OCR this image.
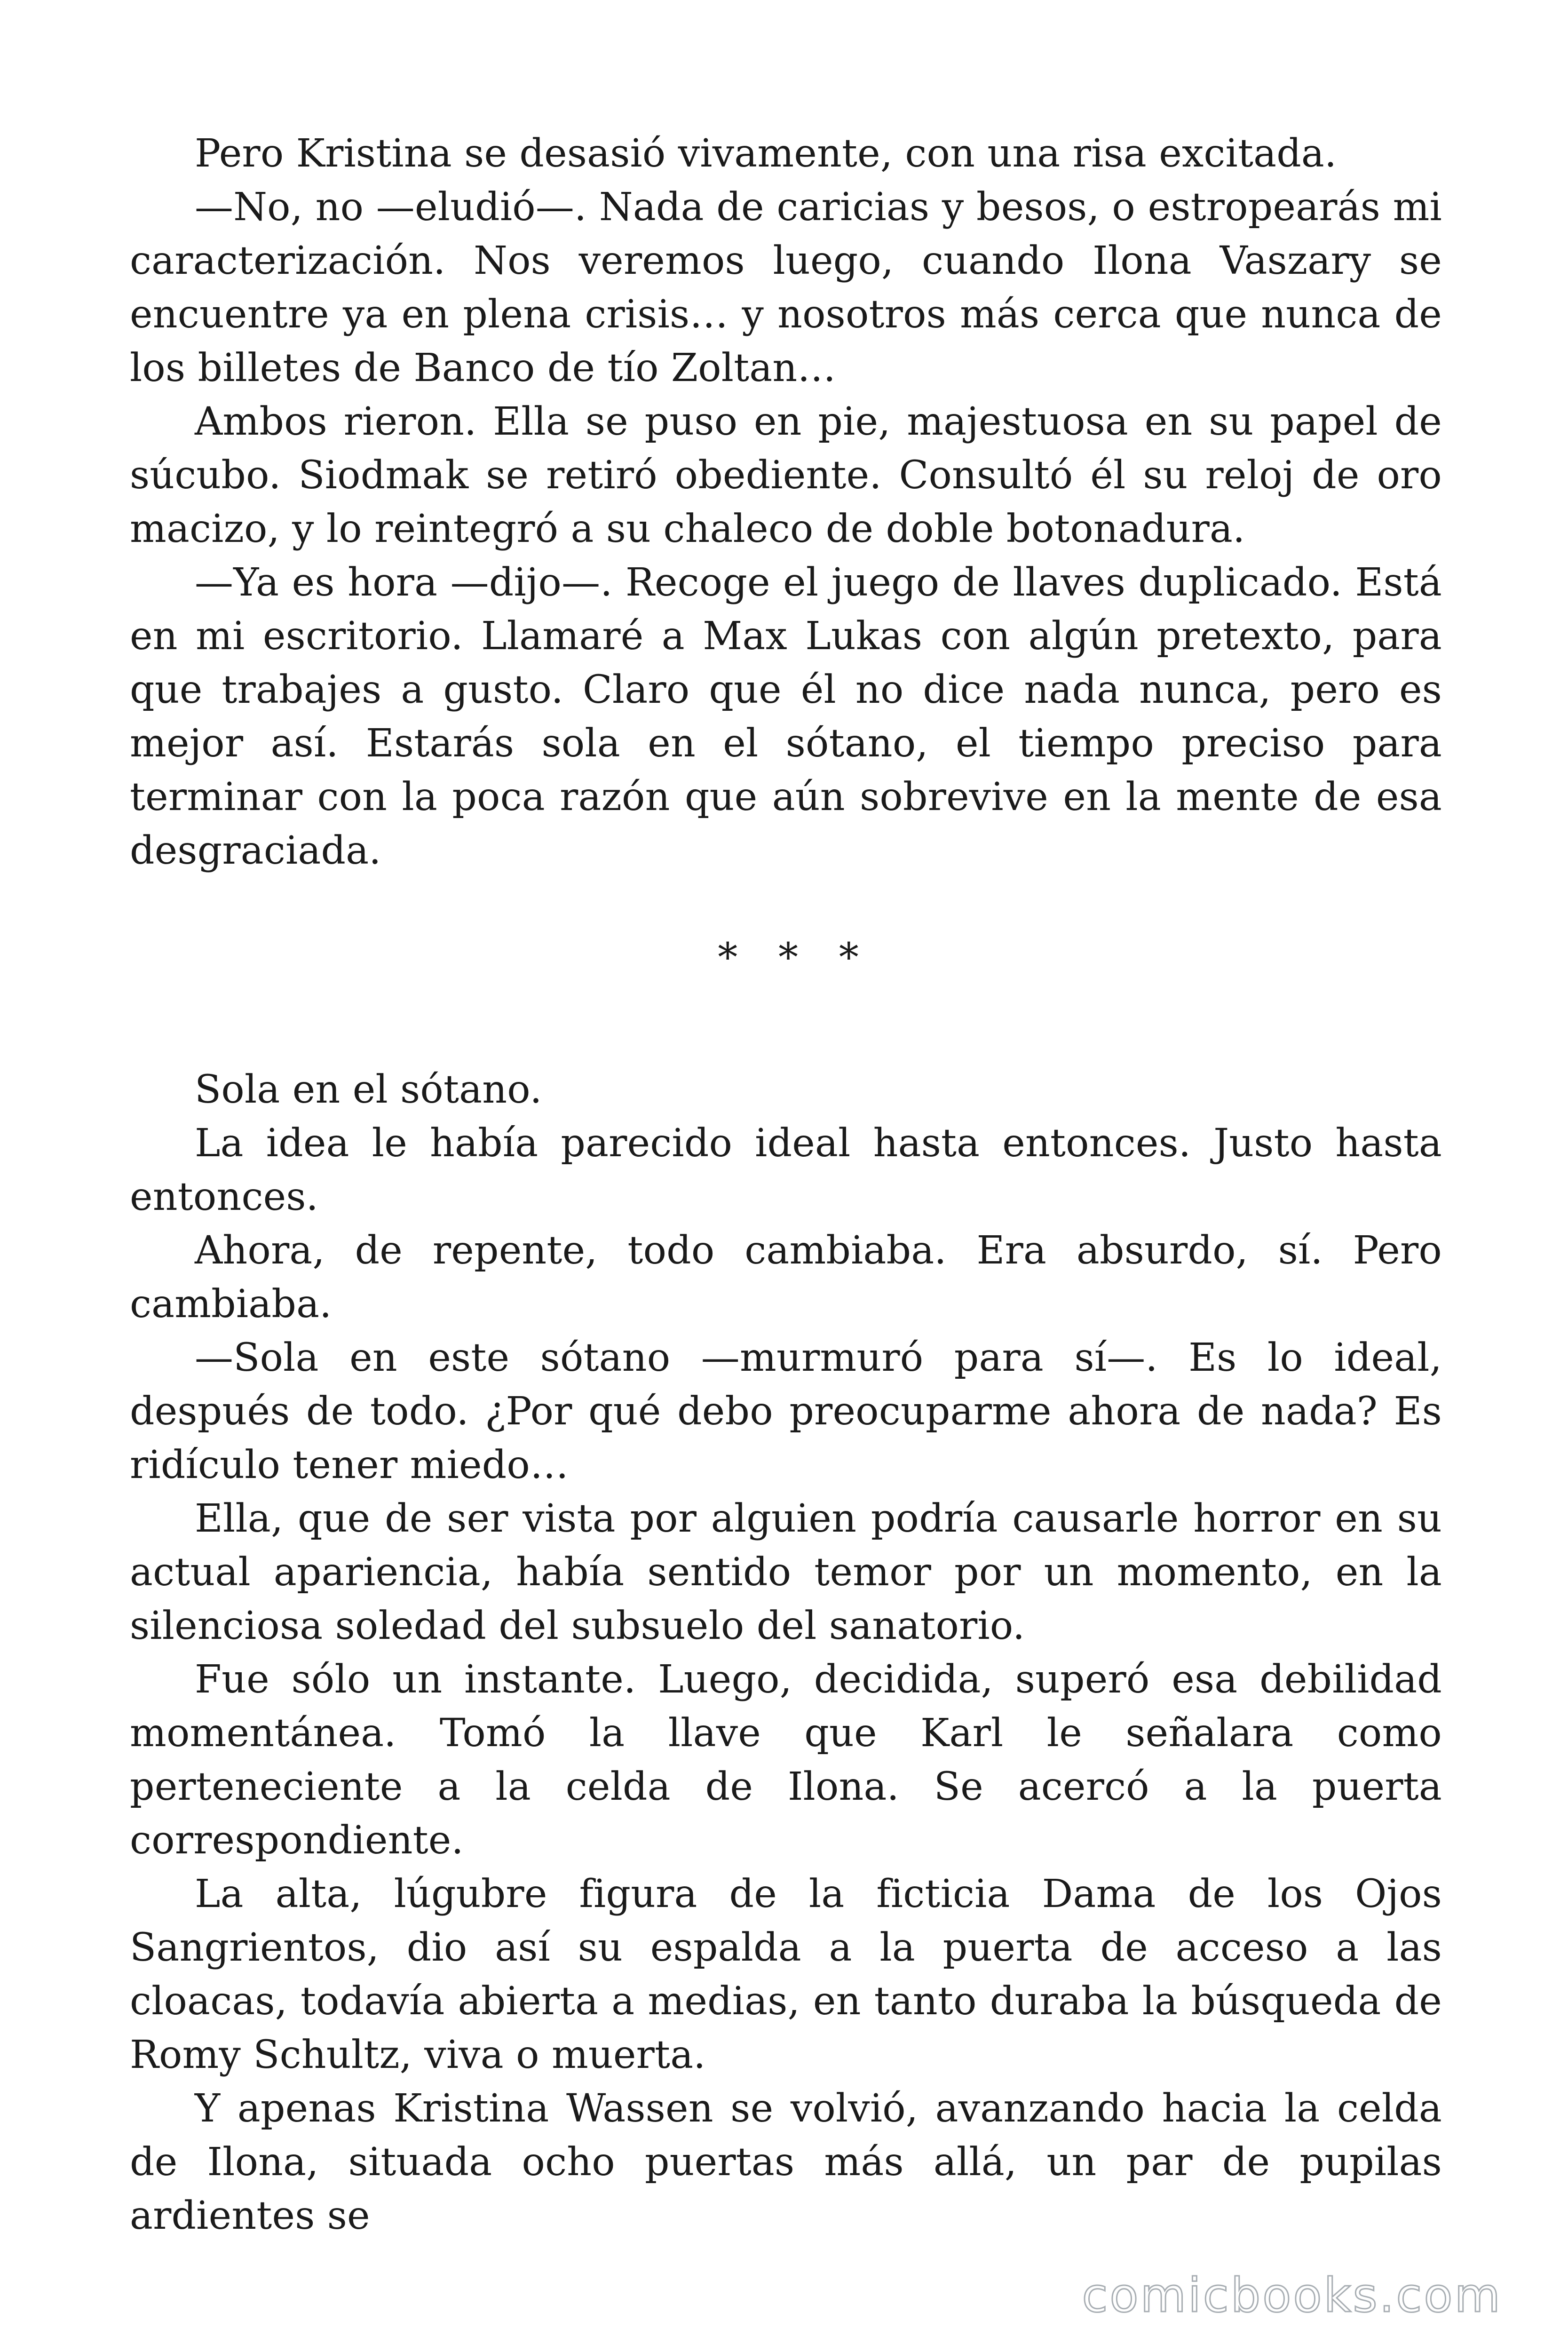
Pero Kristina se desasió vivamente, con una risa excitada.

—No, no —eludió—. Nada de caricias y besos, o estropearás mi caracterización. Nos veremos luego, cuando Ilona Vaszary se encuentre ya en plena crisis… y nosotros más cerca que nunca de los billetes de Banco de tío Zoltan…

Ambos rieron. Ella se puso en pie, majestuosa en su papel de súcubo. Siodmak se retiró obediente. Consultó él su reloj de oro macizo, y lo reintegró a su chaleco de doble botonadura.

—Ya es hora —dijo—. Recoge el juego de llaves duplicado. Está en mi escritorio. Llamaré a Max Lukas con algún pretexto, para que trabajes a gusto. Claro que él no dice nada nunca, pero es mejor así. Estarás sola en el sótano, el tiempo preciso para terminar con la poca razón que aún sobrevive en la mente de esa desgraciada.

* * *

Sola en el sótano.

La idea le había parecido ideal hasta entonces. Justo hasta entonces.

Ahora, de repente, todo cambiaba. Era absurdo, sí. Pero cambiaba.

—Sola en este sótano —murmuró para sí—. Es lo ideal, después de todo. ¿Por qué debo preocuparme ahora de nada? Es ridículo tener miedo…

Ella, que de ser vista por alguien podría causarle horror en su actual apariencia, había sentido temor por un momento, en la silenciosa soledad del subsuelo del sanatorio.

Fue sólo un instante. Luego, decidida, superó esa debilidad momentánea. Tomó la llave que Karl le señalara como perteneciente a la celda de Ilona. Se acercó a la puerta correspondiente.

La alta, lúgubre figura de la ficticia Dama de los Ojos Sangrientos, dio así su espalda a la puerta de acceso a las cloacas, todavía abierta a medias, en tanto duraba la búsqueda de Romy Schultz, viva o muerta.

Y apenas Kristina Wassen se volvió, avanzando hacia la celda de Ilona, situada ocho puertas más allá, un par de pupilas ardientes se

comicbooks.com
